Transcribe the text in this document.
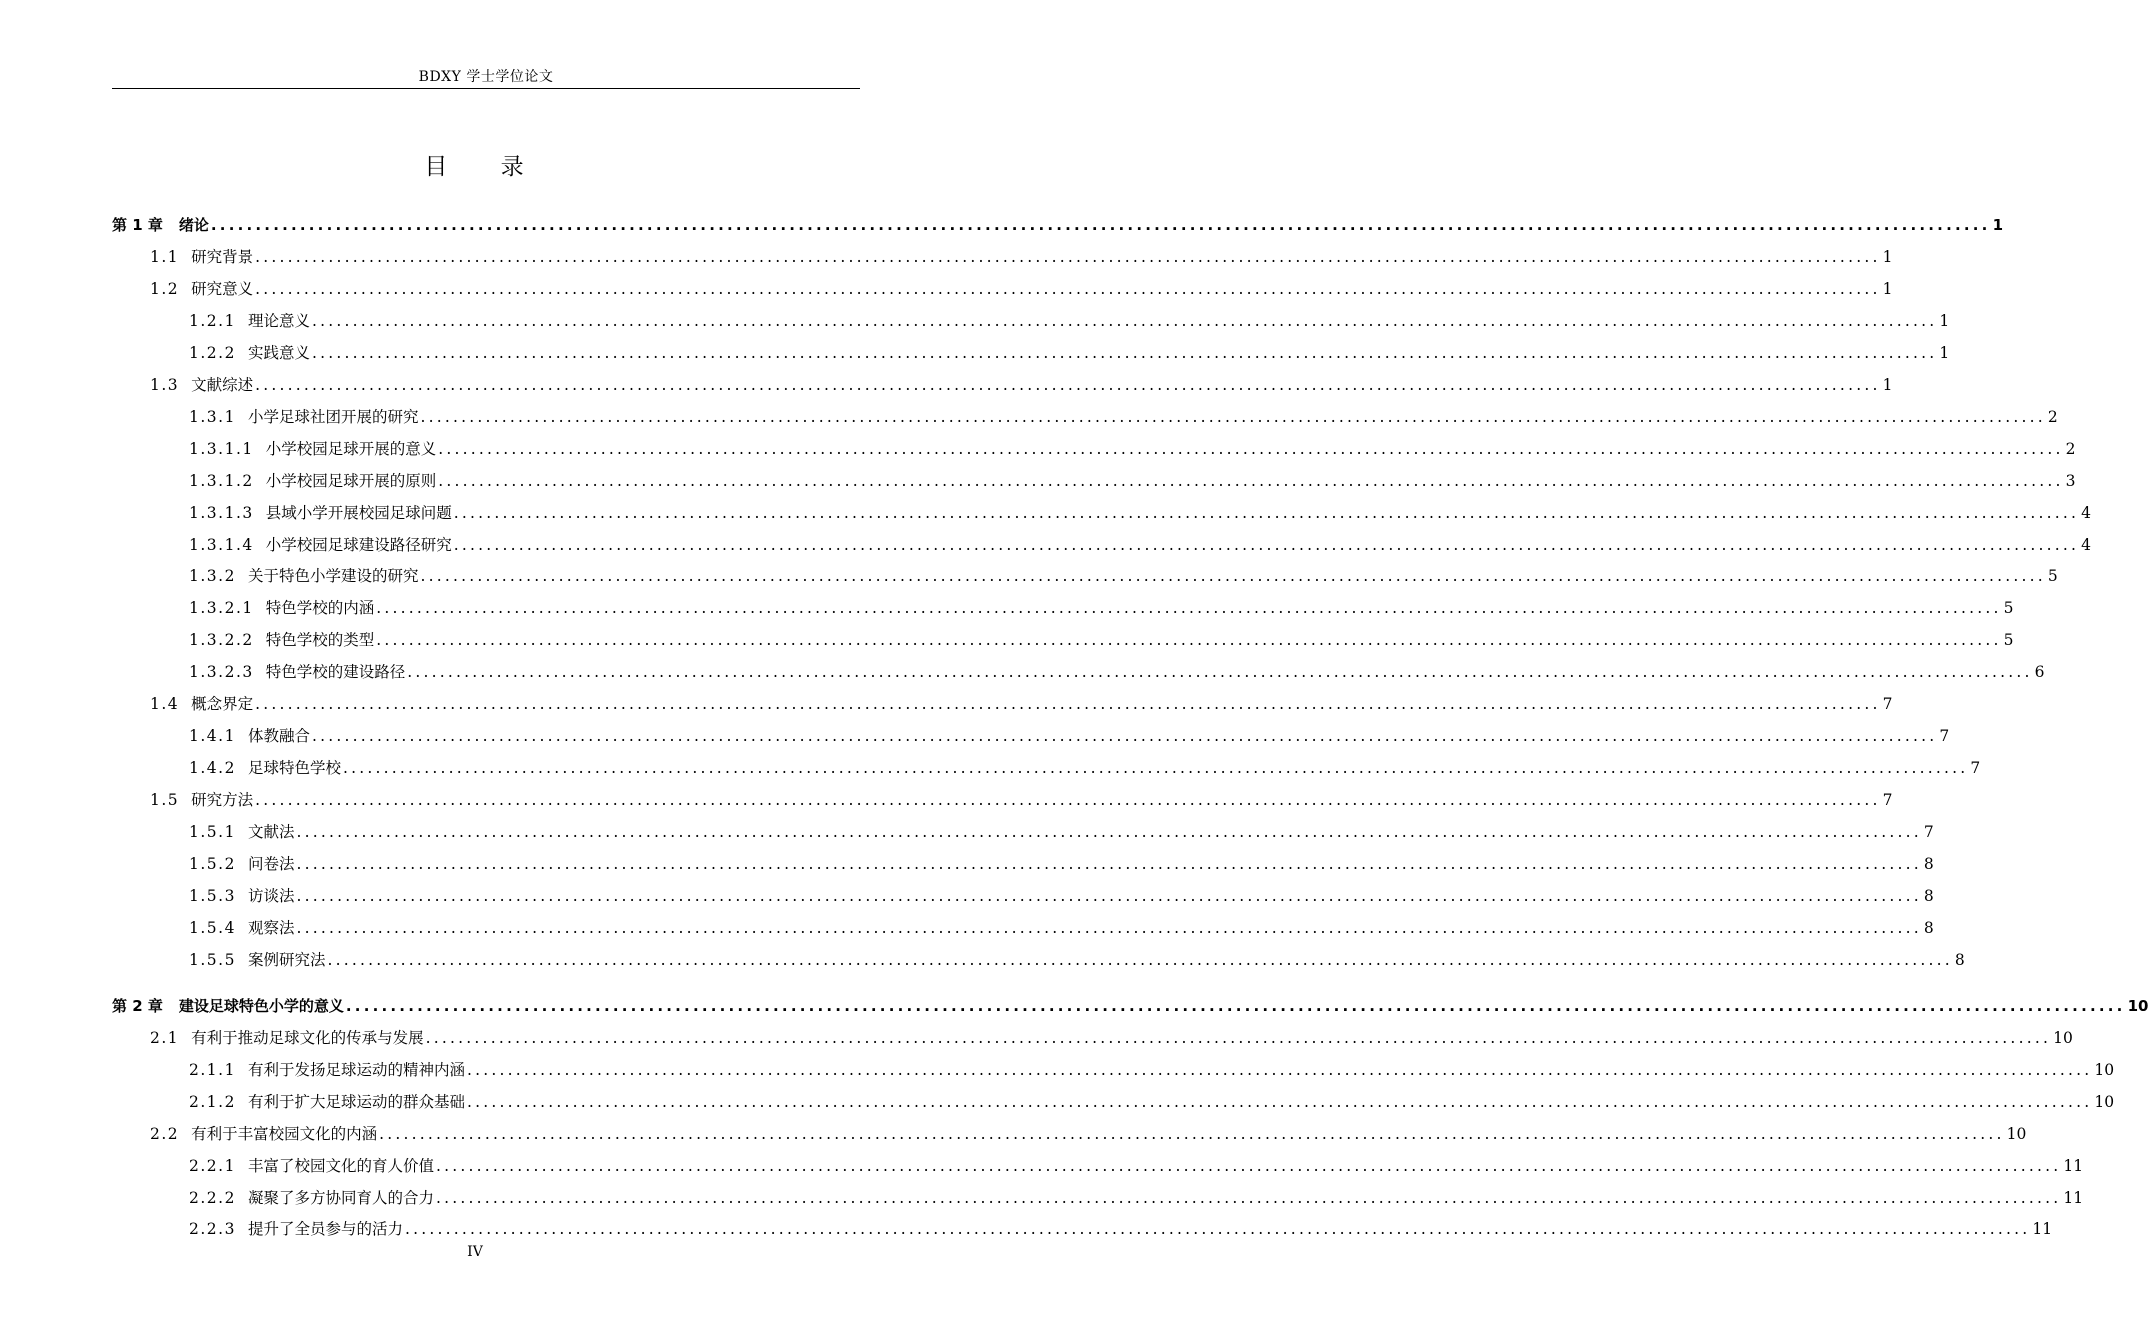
BDXY 学士学位论文
目 录
第 1 章 绪论 ........................................................................................................................................................................................................ 1
1.1 研究背景 ........................................................................................................................................................................................................ 1
1.2 研究意义 ........................................................................................................................................................................................................ 1
1.2.1 理论意义 ........................................................................................................................................................................................................ 1
1.2.2 实践意义 ........................................................................................................................................................................................................ 1
1.3 文献综述 ........................................................................................................................................................................................................ 1
1.3.1 小学足球社团开展的研究 ........................................................................................................................................................................................................ 2
1.3.1.1 小学校园足球开展的意义 ........................................................................................................................................................................................................ 2
1.3.1.2 小学校园足球开展的原则 ........................................................................................................................................................................................................ 3
1.3.1.3 县域小学开展校园足球问题 ........................................................................................................................................................................................................ 4
1.3.1.4 小学校园足球建设路径研究 ........................................................................................................................................................................................................ 4
1.3.2 关于特色小学建设的研究 ........................................................................................................................................................................................................ 5
1.3.2.1 特色学校的内涵 ........................................................................................................................................................................................................ 5
1.3.2.2 特色学校的类型 ........................................................................................................................................................................................................ 5
1.3.2.3 特色学校的建设路径 ........................................................................................................................................................................................................ 6
1.4 概念界定 ........................................................................................................................................................................................................ 7
1.4.1 体教融合 ........................................................................................................................................................................................................ 7
1.4.2 足球特色学校 ........................................................................................................................................................................................................ 7
1.5 研究方法 ........................................................................................................................................................................................................ 7
1.5.1 文献法 ........................................................................................................................................................................................................ 7
1.5.2 问卷法 ........................................................................................................................................................................................................ 8
1.5.3 访谈法 ........................................................................................................................................................................................................ 8
1.5.4 观察法 ........................................................................................................................................................................................................ 8
1.5.5 案例研究法 ........................................................................................................................................................................................................ 8
第 2 章 建设足球特色小学的意义 ........................................................................................................................................................................................................ 10
2.1 有利于推动足球文化的传承与发展 ........................................................................................................................................................................................................ 10
2.1.1 有利于发扬足球运动的精神内涵 ........................................................................................................................................................................................................ 10
2.1.2 有利于扩大足球运动的群众基础 ........................................................................................................................................................................................................ 10
2.2 有利于丰富校园文化的内涵 ........................................................................................................................................................................................................ 10
2.2.1 丰富了校园文化的育人价值 ........................................................................................................................................................................................................ 11
2.2.2 凝聚了多方协同育人的合力 ........................................................................................................................................................................................................ 11
2.2.3 提升了全员参与的活力 ........................................................................................................................................................................................................ 11
IV
